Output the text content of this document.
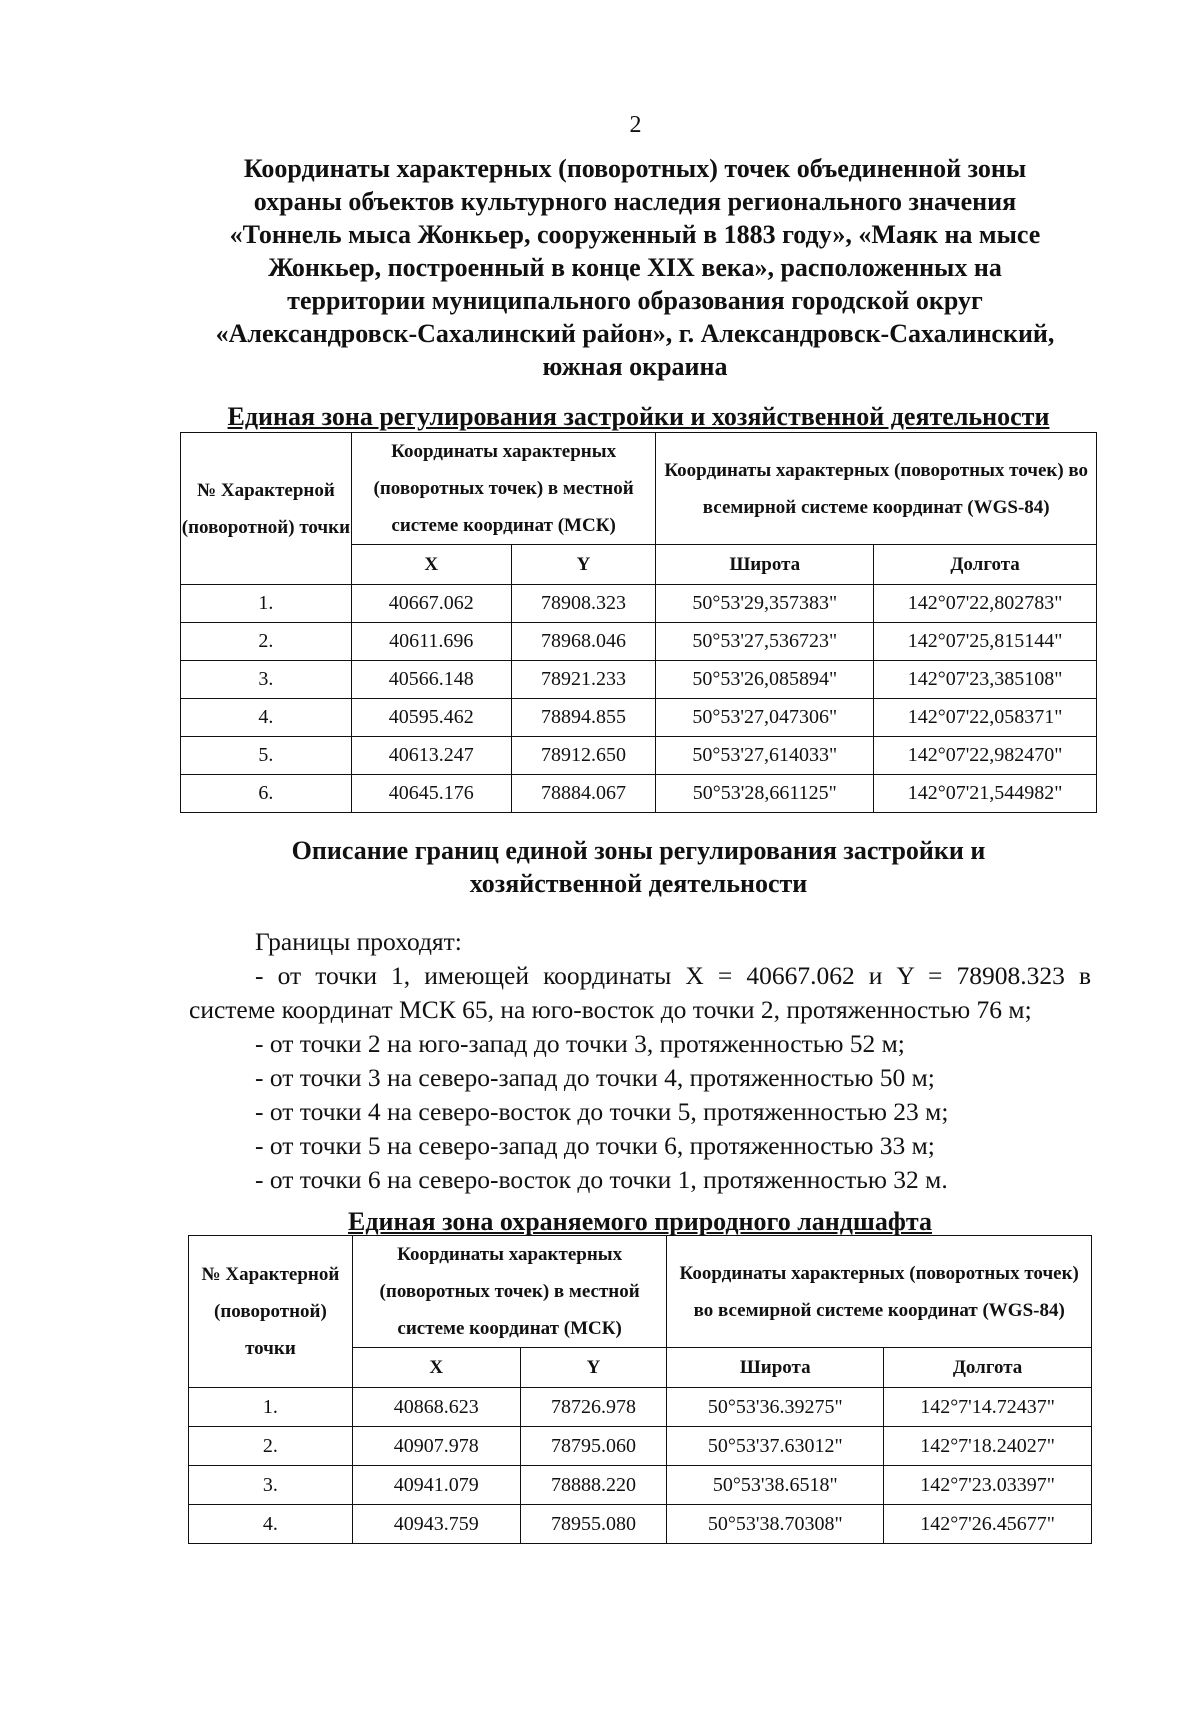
2
Координаты характерных (поворотных) точек объединенной зоны
охраны объектов культурного наследия регионального значения
«Тоннель мыса Жонкьер, сооруженный в 1883 году», «Маяк на мысе
Жонкьер, построенный в конце XIX века», расположенных на
территории муниципального образования городской округ
«Александровск-Сахалинский район», г. Александровск-Сахалинский,
южная окраина
Единая зона регулирования застройки и хозяйственной деятельности
№ Характерной (поворотной) точки	Координаты характерных (поворотных точек) в местной системе координат (МСК)		Координаты характерных (поворотных точек) во всемирной системе координат (WGS-84)	
	X	Y	Широта	Долгота
1.	40667.062	78908.323	50°53'29,357383"	142°07'22,802783"
2.	40611.696	78968.046	50°53'27,536723"	142°07'25,815144"
3.	40566.148	78921.233	50°53'26,085894"	142°07'23,385108"
4.	40595.462	78894.855	50°53'27,047306"	142°07'22,058371"
5.	40613.247	78912.650	50°53'27,614033"	142°07'22,982470"
6.	40645.176	78884.067	50°53'28,661125"	142°07'21,544982"
Описание границ единой зоны регулирования застройки и
хозяйственной деятельности
Границы проходят:
- от точки 1, имеющей координаты X = 40667.062 и Y = 78908.323 в
системе координат МСК 65, на юго-восток до точки 2, протяженностью 76 м;
- от точки 2 на юго-запад до точки 3, протяженностью 52 м;
- от точки 3 на северо-запад до точки 4, протяженностью 50 м;
- от точки 4 на северо-восток до точки 5, протяженностью 23 м;
- от точки 5 на северо-запад до точки 6, протяженностью 33 м;
- от точки 6 на северо-восток до точки 1, протяженностью 32 м.
Единая зона охраняемого природного ландшафта
№ Характерной (поворотной) точки	Координаты характерных (поворотных точек) в местной системе координат (МСК)		Координаты характерных (поворотных точек) во всемирной системе координат (WGS-84)	
	X	Y	Широта	Долгота
1.	40868.623	78726.978	50°53'36.39275"	142°7'14.72437"
2.	40907.978	78795.060	50°53'37.63012"	142°7'18.24027"
3.	40941.079	78888.220	50°53'38.6518"	142°7'23.03397"
4.	40943.759	78955.080	50°53'38.70308"	142°7'26.45677"
